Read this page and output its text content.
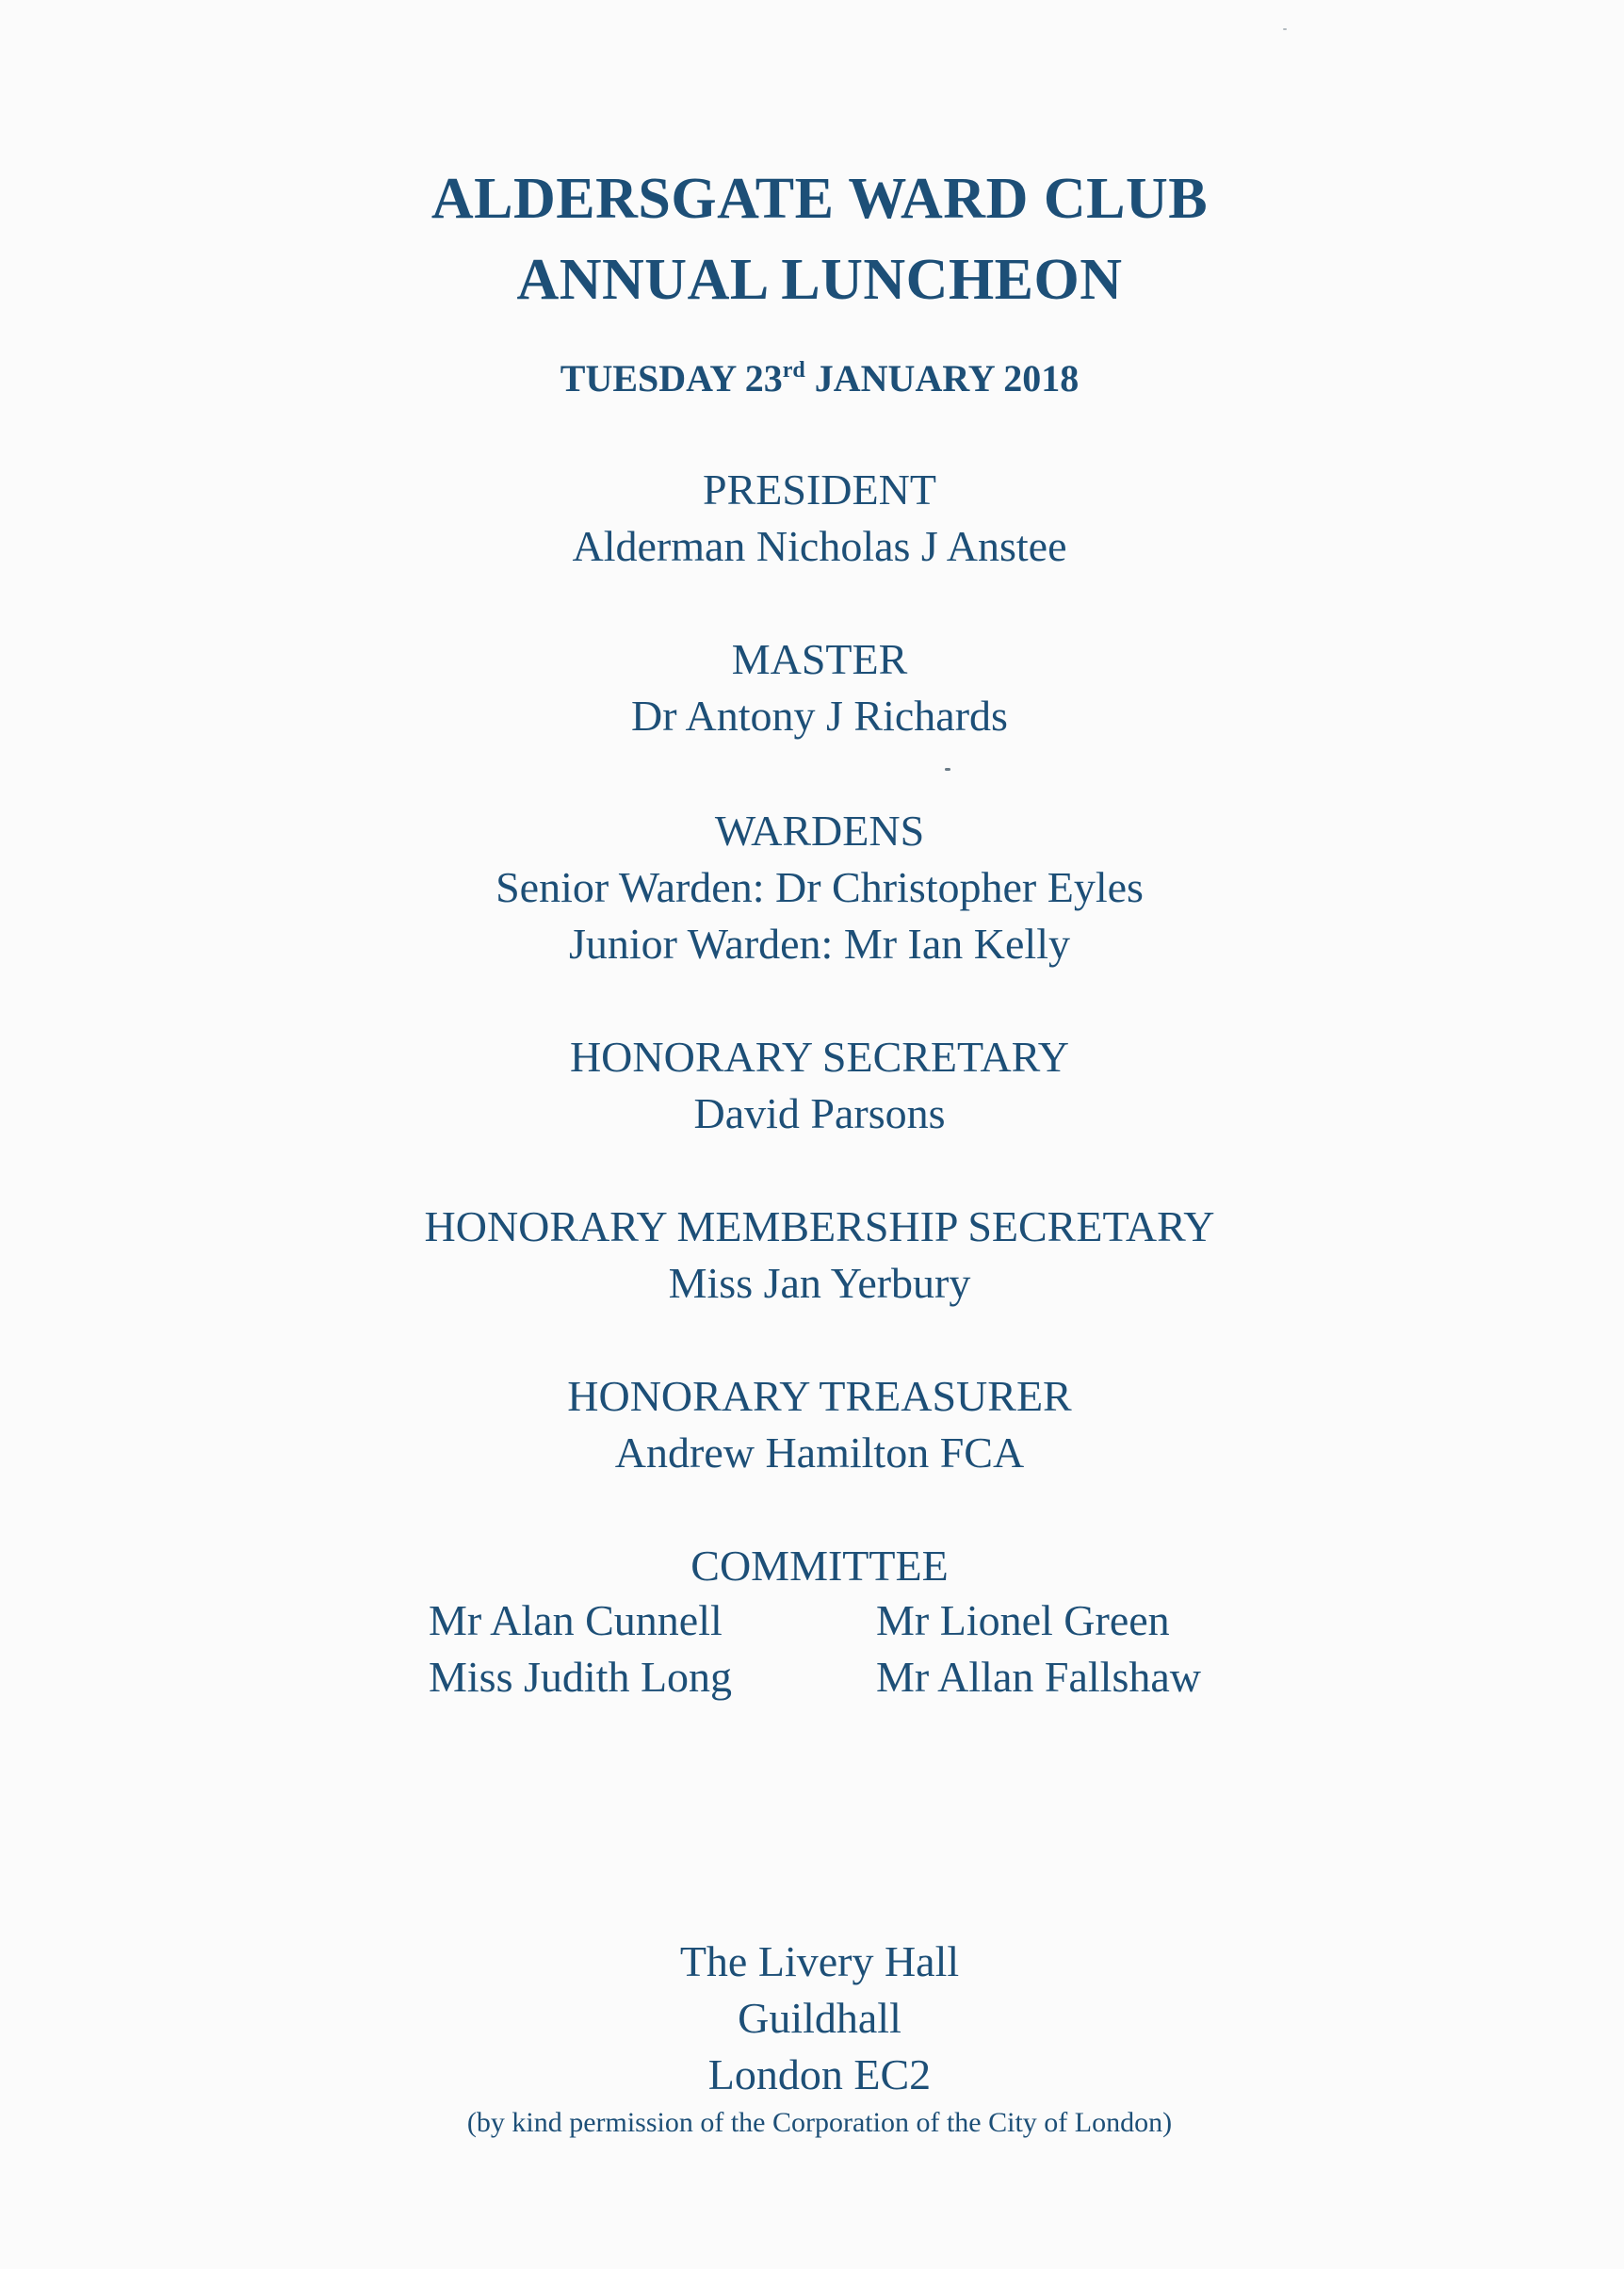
ALDERSGATE WARD CLUB
ANNUAL LUNCHEON
TUESDAY 23rd JANUARY 2018
PRESIDENT
Alderman Nicholas J Anstee
MASTER
Dr Antony J Richards
WARDENS
Senior Warden: Dr Christopher Eyles
Junior Warden: Mr Ian Kelly
HONORARY SECRETARY
David Parsons
HONORARY MEMBERSHIP SECRETARY
Miss Jan Yerbury
HONORARY TREASURER
Andrew Hamilton FCA
COMMITTEE
Mr Alan Cunnell
Miss Judith Long
Mr Lionel Green
Mr Allan Fallshaw
The Livery Hall
Guildhall
London EC2
(by kind permission of the Corporation of the City of London)
